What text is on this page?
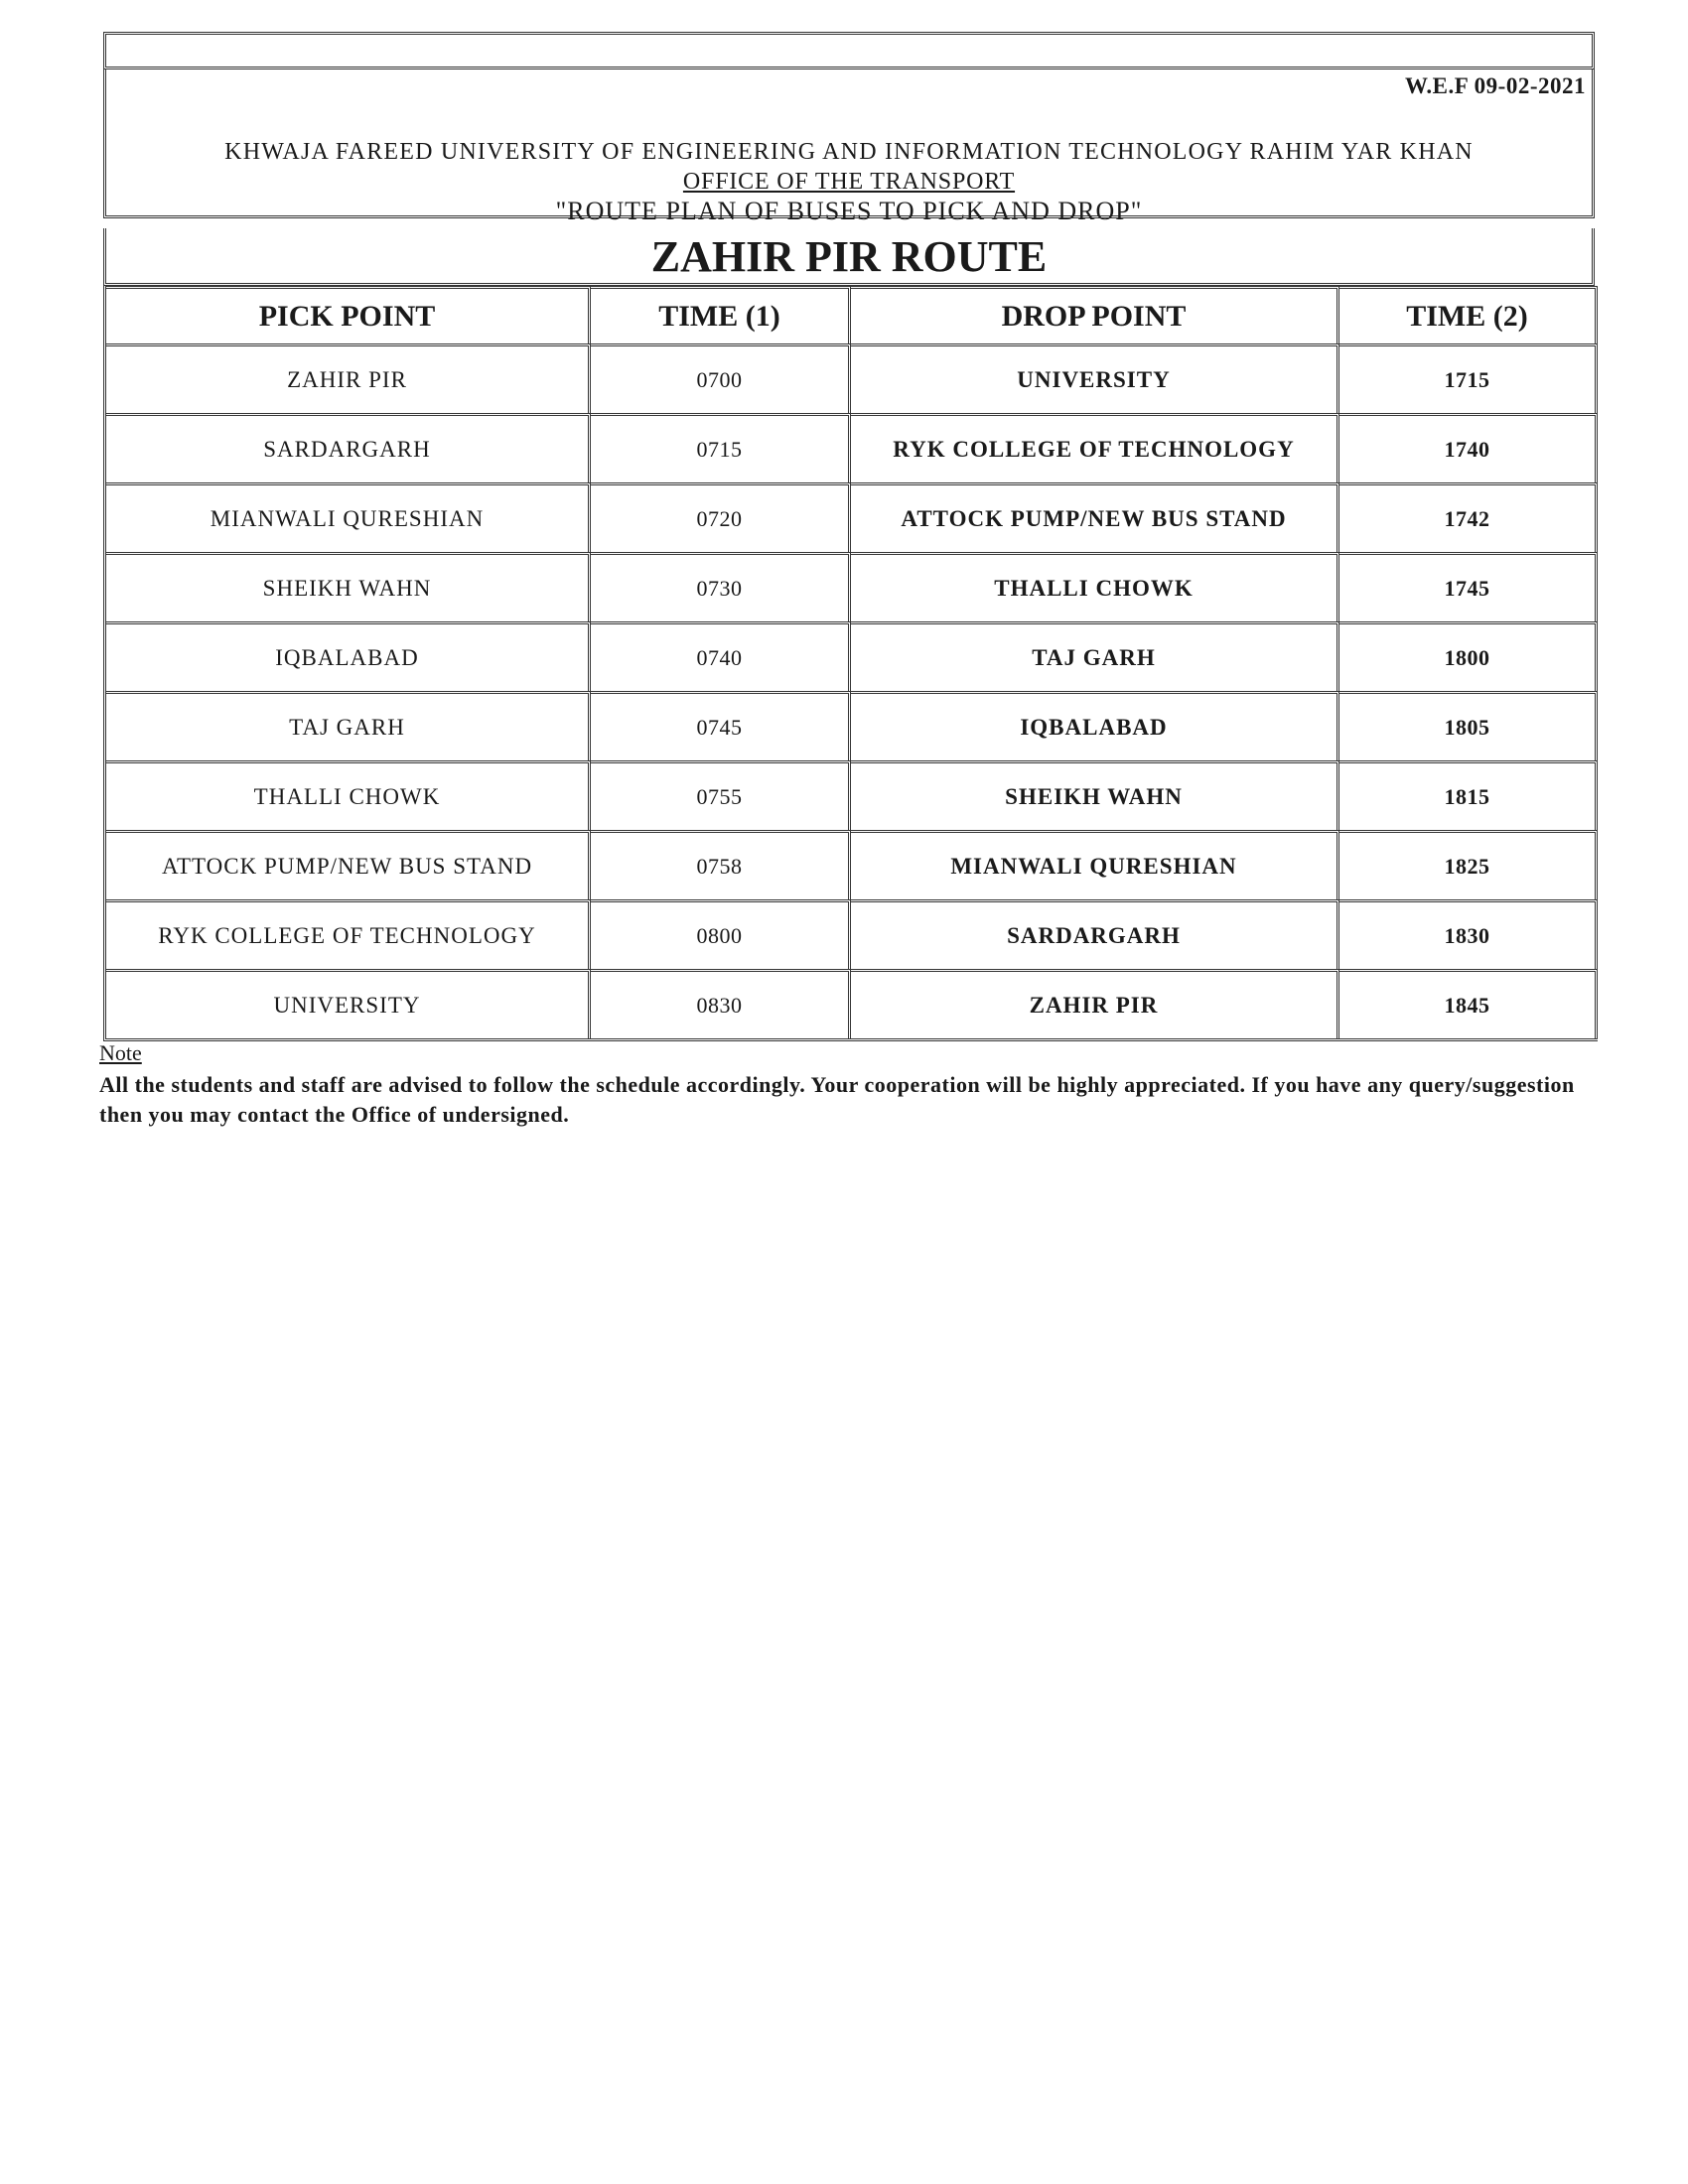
W.E.F 09-02-2021
KHWAJA FAREED UNIVERSITY OF ENGINEERING AND INFORMATION TECHNOLOGY RAHIM YAR KHAN
OFFICE OF THE TRANSPORT
"ROUTE PLAN OF BUSES TO PICK AND DROP"
ZAHIR PIR ROUTE
PICK POINT	TIME (1)	DROP POINT	TIME (2)
ZAHIR PIR	0700	UNIVERSITY	1715
SARDARGARH	0715	RYK COLLEGE OF TECHNOLOGY	1740
MIANWALI QURESHIAN	0720	ATTOCK PUMP/NEW BUS STAND	1742
SHEIKH WAHN	0730	THALLI CHOWK	1745
IQBALABAD	0740	TAJ GARH	1800
TAJ GARH	0745	IQBALABAD	1805
THALLI CHOWK	0755	SHEIKH WAHN	1815
ATTOCK PUMP/NEW BUS STAND	0758	MIANWALI QURESHIAN	1825
RYK COLLEGE OF TECHNOLOGY	0800	SARDARGARH	1830
UNIVERSITY	0830	ZAHIR PIR	1845
Note
All the students and staff are advised to follow the schedule accordingly. Your cooperation will be highly appreciated. If you have any query/suggestion then you may contact the Office of undersigned.
